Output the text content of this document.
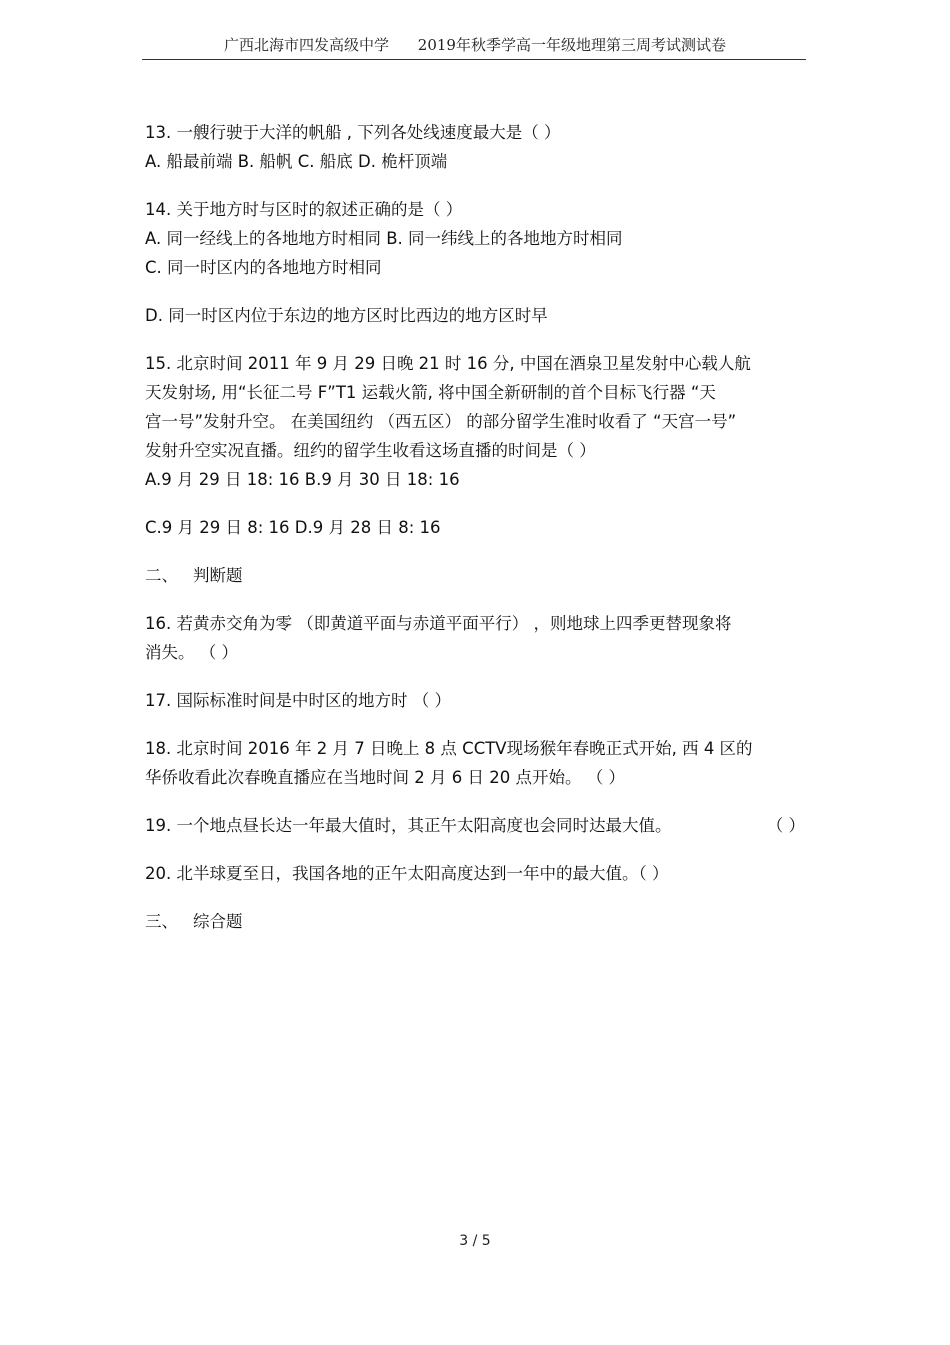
广西北海市四发高级中学 2019年秋季学高一年级地理第三周考试测试卷
13. 一艘行驶于大洋的帆船 , 下列各处线速度最大是（ ）
A. 船最前端 B. 船帆 C. 船底 D. 桅杆顶端
14. 关于地方时与区时的叙述正确的是（ ）
A. 同一经线上的各地地方时相同 B. 同一纬线上的各地地方时相同
C. 同一时区内的各地地方时相同
D. 同一时区内位于东边的地方区时比西边的地方区时早
15. 北京时间 2011 年 9 月 29 日晚 21 时 16 分, 中国在酒泉卫星发射中心载人航
天发射场, 用“长征二号 F”T1 运载火箭, 将中国全新研制的首个目标飞行器 “天
宫一号”发射升空。 在美国纽约 （西五区） 的部分留学生准时收看了 “天宫一号”
发射升空实况直播。纽约的留学生收看这场直播的时间是（ ）
A.9 月 29 日 18: 16 B.9 月 30 日 18: 16
C.9 月 29 日 8: 16 D.9 月 28 日 8: 16
二、 判断题
16. 若黄赤交角为零 （即黄道平面与赤道平面平行） ，则地球上四季更替现象将
消失。 （ ）
17. 国际标准时间是中时区的地方时 （ ）
18. 北京时间 2016 年 2 月 7 日晚上 8 点 CCTV现场猴年春晚正式开始, 西 4 区的
华侨收看此次春晚直播应在当地时间 2 月 6 日 20 点开始。 （ ）
19. 一个地点昼长达一年最大值时，其正午太阳高度也会同时达最大值。	（ ）
20. 北半球夏至日，我国各地的正午太阳高度达到一年中的最大值。（ ）
三、 综合题
3 / 5
